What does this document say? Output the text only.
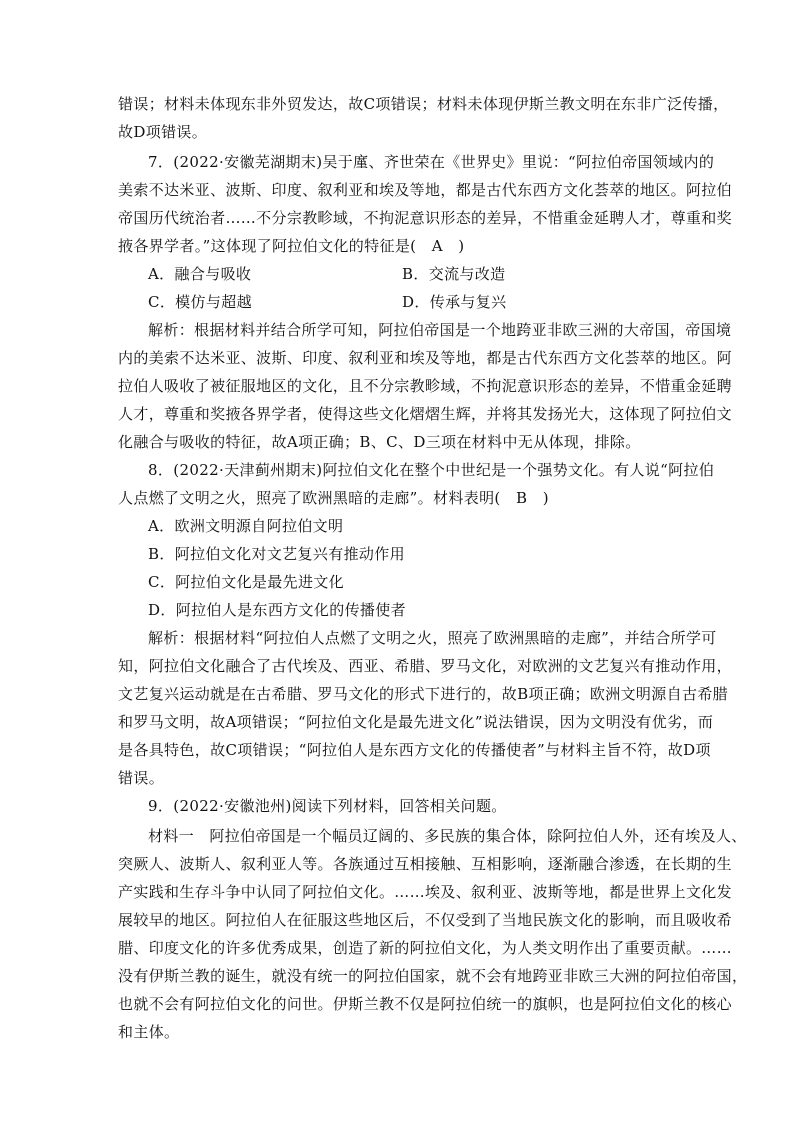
错误；材料未体现东非外贸发达，故C项错误；材料未体现伊斯兰教文明在东非广泛传播，
故D项错误。
7．(2022·安徽芜湖期末)吴于廑、齐世荣在《世界史》里说：“阿拉伯帝国领域内的
美索不达米亚、波斯、印度、叙利亚和埃及等地，都是古代东西方文化荟萃的地区。阿拉伯
帝国历代统治者……不分宗教畛域，不拘泥意识形态的差异，不惜重金延聘人才，尊重和奖
掖各界学者。”这体现了阿拉伯文化的特征是(　A　)
A．融合与吸收	B．交流与改造
C．模仿与超越	D．传承与复兴
解析：根据材料并结合所学可知，阿拉伯帝国是一个地跨亚非欧三洲的大帝国，帝国境
内的美索不达米亚、波斯、印度、叙利亚和埃及等地，都是古代东西方文化荟萃的地区。阿
拉伯人吸收了被征服地区的文化，且不分宗教畛域，不拘泥意识形态的差异，不惜重金延聘
人才，尊重和奖掖各界学者，使得这些文化熠熠生辉，并将其发扬光大，这体现了阿拉伯文
化融合与吸收的特征，故A项正确；B、C、D三项在材料中无从体现，排除。
8．(2022·天津蓟州期末)阿拉伯文化在整个中世纪是一个强势文化。有人说“阿拉伯
人点燃了文明之火，照亮了欧洲黑暗的走廊”。材料表明(　B　)
A．欧洲文明源自阿拉伯文明
B．阿拉伯文化对文艺复兴有推动作用
C．阿拉伯文化是最先进文化
D．阿拉伯人是东西方文化的传播使者
解析：根据材料“阿拉伯人点燃了文明之火，照亮了欧洲黑暗的走廊”，并结合所学可
知，阿拉伯文化融合了古代埃及、西亚、希腊、罗马文化，对欧洲的文艺复兴有推动作用，
文艺复兴运动就是在古希腊、罗马文化的形式下进行的，故B项正确；欧洲文明源自古希腊
和罗马文明，故A项错误；“阿拉伯文化是最先进文化”说法错误，因为文明没有优劣，而
是各具特色，故C项错误；“阿拉伯人是东西方文化的传播使者”与材料主旨不符，故D项
错误。
9．(2022·安徽池州)阅读下列材料，回答相关问题。
材料一　阿拉伯帝国是一个幅员辽阔的、多民族的集合体，除阿拉伯人外，还有埃及人、
突厥人、波斯人、叙利亚人等。各族通过互相接触、互相影响，逐渐融合渗透，在长期的生
产实践和生存斗争中认同了阿拉伯文化。……埃及、叙利亚、波斯等地，都是世界上文化发
展较早的地区。阿拉伯人在征服这些地区后，不仅受到了当地民族文化的影响，而且吸收希
腊、印度文化的许多优秀成果，创造了新的阿拉伯文化，为人类文明作出了重要贡献。……
没有伊斯兰教的诞生，就没有统一的阿拉伯国家，就不会有地跨亚非欧三大洲的阿拉伯帝国，
也就不会有阿拉伯文化的问世。伊斯兰教不仅是阿拉伯统一的旗帜，也是阿拉伯文化的核心
和主体。
